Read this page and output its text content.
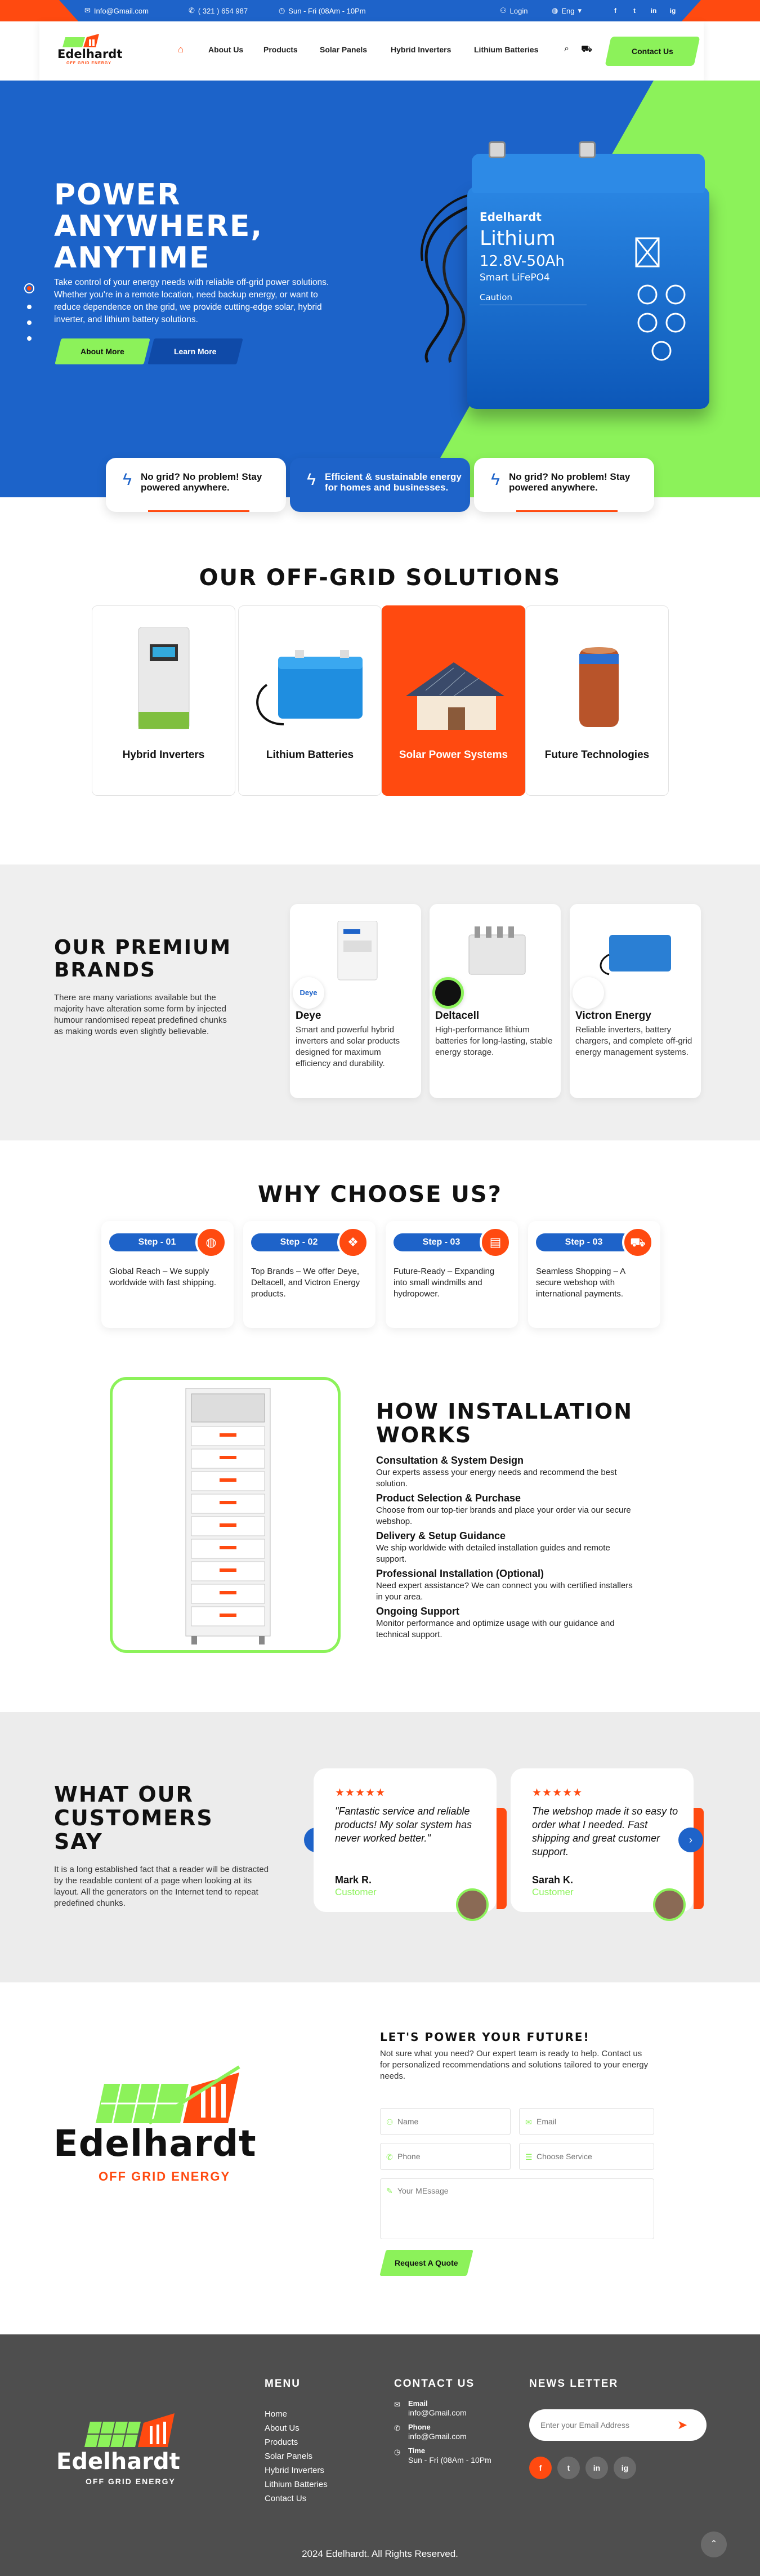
✉ Info@Gmail.com	✆ ( 321 ) 654 987	◷ Sun - Fri (08Am - 10Pm	⚇ Login	◍ Eng ▾	f	t	in ig
Edelhardt
OFF GRID ENERGY
⌂	About Us	Products	Solar Panels	Hybrid Inverters	Lithium Batteries	⌕ ⛟	Contact Us
POWER
ANYWHERE,
ANYTIME

Take control of your energy needs with reliable off-grid power solutions. Whether you're in a remote location, need backup energy, or want to reduce dependence on the grid, we provide cutting-edge solar, hybrid inverter, and lithium battery solutions.

About More	Learn More
Edelhardt
Lithium
12.8V-50Ah
Smart LiFePO4
Caution
ϟ No grid? No problem! Stay powered anywhere.	ϟ Efficient & sustainable energy for homes and businesses.	ϟ No grid? No problem! Stay powered anywhere.
OUR OFF-GRID SOLUTIONS
Hybrid Inverters	Lithium Batteries	Solar Power Systems	Future Technologies
OUR PREMIUM
BRANDS

There are many variations available but the majority have alteration some form by injected humour randomised repeat predefined chunks as making words even slightly believable.

Deye
Deye
Smart and powerful hybrid inverters and solar products designed for maximum efficiency and durability.
Deltacell
High-performance lithium batteries for long-lasting, stable energy storage.
Victron Energy
Reliable inverters, battery chargers, and complete off-grid energy management systems.
WHY CHOOSE US?
Step - 01	◍
Global Reach – We supply worldwide with fast shipping.
Step - 02	❖
Top Brands – We offer Deye, Deltacell, and Victron Energy products.
Step - 03	▤
Future-Ready – Expanding into small windmills and hydropower.
Step - 03	⛟
Seamless Shopping – A secure webshop with international payments.
HOW INSTALLATION
WORKS
Consultation & System Design
Our experts assess your energy needs and recommend the best solution.
Product Selection & Purchase
Choose from our top-tier brands and place your order via our secure webshop.
Delivery & Setup Guidance
We ship worldwide with detailed installation guides and remote support.
Professional Installation (Optional)
Need expert assistance? We can connect you with certified installers in your area.
Ongoing Support
Monitor performance and optimize usage with our guidance and technical support.
WHAT OUR
CUSTOMERS
SAY

It is a long established fact that a reader will be distracted by the readable content of a page when looking at its layout. All the generators on the Internet tend to repeat predefined chunks.

★★★★★
"Fantastic service and reliable products! My solar system has never worked better."
Mark R.
Customer
★★★★★
The webshop made it so easy to order what I needed. Fast shipping and great customer support.
Sarah K.
Customer
›
Edelhardt
OFF GRID ENERGY
LET'S POWER YOUR FUTURE!

Not sure what you need? Our expert team is ready to help. Contact us for personalized recommendations and solutions tailored to your energy needs.

⚇
Name	✉
Email
✆
Phone	☰
Choose Service
✎
Your MEssage
Request A Quote
Edelhardt
OFF GRID ENERGY
MENU
Home
About Us
Products
Solar Panels
Hybrid Inverters
Lithium Batteries
Contact Us
CONTACT US
✉ Email
info@Gmail.com
✆ Phone
info@Gmail.com
◷ Time
Sun - Fri (08Am - 10Pm
NEWS LETTER
Enter your Email Address
➤
f	t	in	ig
2024 Edelhardt. All Rights Reserved.
⌃
